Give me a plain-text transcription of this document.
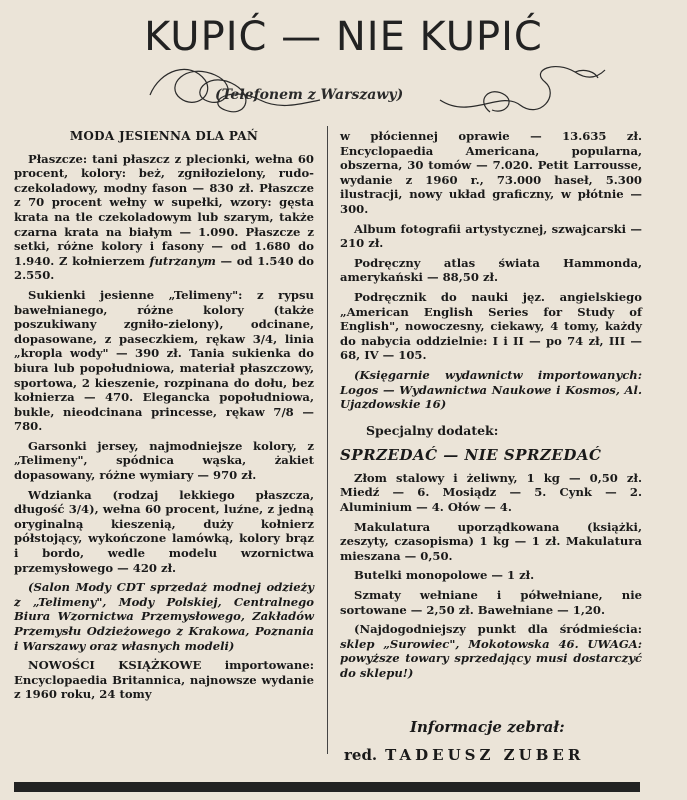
KUPIĆ — NIE KUPIĆ
(Telefonem z Warszawy)

MODA JESIENNA DLA PAŃ

Płaszcze: tani płaszcz z plecionki, wełna 60 procent, kolory: beż, zgniłozielony, rudo-czekoladowy, modny fason — 830 zł. Płaszcze z 70 procent wełny w supełki, wzory: gęsta krata na tle czekoladowym lub szarym, także czarna krata na białym — 1.090. Płaszcze z setki, różne kolory i fasony — od 1.680 do 1.940. Z kołnierzem futrzanym — od 1.540 do 2.550.

Sukienki jesienne „Telimeny": z rypsu bawełnianego, różne kolory (także poszukiwany zgniło-zielony), odcinane, dopasowane, z paseczkiem, rękaw 3/4, linia „kropla wody" — 390 zł. Tania sukienka do biura lub popołudniowa, materiał płaszczowy, sportowa, 2 kieszenie, rozpinana do dołu, bez kołnierza — 470. Elegancka popołudniowa, bukle, nieodcinana princesse, rękaw 7/8 — 780.

Garsonki jersey, najmodniejsze kolory, z „Telimeny", spódnica wąska, żakiet dopasowany, różne wymiary — 970 zł.

Wdzianka (rodzaj lekkiego płaszcza, długość 3/4), wełna 60 procent, luźne, z jedną oryginalną kieszenią, duży kołnierz półstojący, wykończone lamówką, kolory brąz i bordo, wedle modelu wzornictwa przemysłowego — 420 zł.

(Salon Mody CDT sprzedaż modnej odzieży z „Telimeny", Mody Polskiej, Centralnego Biura Wzornictwa Przemysłowego, Zakładów Przemysłu Odzieżowego z Krakowa, Poznania i Warszawy oraz własnych modeli)

NOWOŚCI KSIĄŻKOWE importowane: Encyclopaedia Britannica, najnowsze wydanie z 1960 roku, 24 tomy

w płóciennej oprawie — 13.635 zł. Encyclopaedia Americana, popularna, obszerna, 30 tomów — 7.020. Petit Larrousse, wydanie z 1960 r., 73.000 haseł, 5.300 ilustracji, nowy układ graficzny, w płótnie — 300.

Album fotografii artystycznej, szwajcarski — 210 zł.

Podręczny atlas świata Hammonda, amerykański — 88,50 zł.

Podręcznik do nauki jęz. angielskiego „American English Series for Study of English", nowoczesny, ciekawy, 4 tomy, każdy do nabycia oddzielnie: I i II — po 74 zł, III — 68, IV — 105.

(Księgarnie wydawnictw importowanych: Logos — Wydawnictwa Naukowe i Kosmos, Al. Ujazdowskie 16)

Specjalny dodatek:

SPRZEDAĆ — NIE SPRZEDAĆ

Złom stalowy i żeliwny, 1 kg — 0,50 zł. Miedź — 6. Mosiądz — 5. Cynk — 2. Aluminium — 4. Ołów — 4.

Makulatura uporządkowana (książki, zeszyty, czasopisma) 1 kg — 1 zł. Makulatura mieszana — 0,50.

Butelki monopolowe — 1 zł.

Szmaty wełniane i półwełniane, nie sortowane — 2,50 zł. Bawełniane — 1,20.

(Najdogodniejszy punkt dla śródmieścia: sklep „Surowiec", Mokotowska 46. UWAGA: powyższe towary sprzedający musi dostarczyć do sklepu!)

Informacje zebrał:
red. TADEUSZ ZUBER
